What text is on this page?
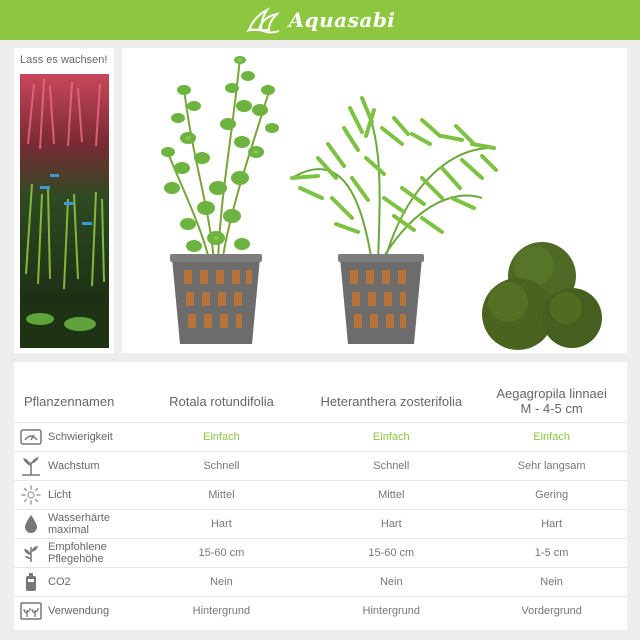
Aquasabi
Lass es wachsen!
Pflanzennamen	Rotala rotundifolia	Heteranthera zosterifolia	Aegagropila linnaei
M - 4-5 cm
Schwierigkeit	Einfach	Einfach	Einfach
Wachstum	Schnell	Schnell	Sehr langsam
Licht	Mittel	Mittel	Gering
Wasserhärte maximal	Hart	Hart	Hart
Empfohlene Pflegehöhe	15-60 cm	15-60 cm	1-5 cm
CO2	Nein	Nein	Nein
Verwendung	Hintergrund	Hintergrund	Vordergrund
